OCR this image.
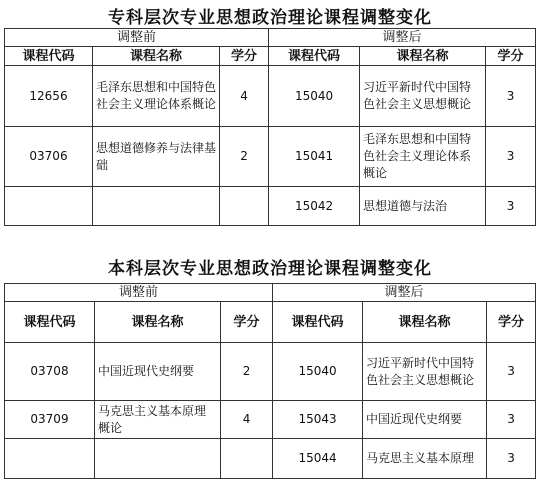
专科层次专业思想政治理论课程调整变化
调整前			调整后		
课程代码	课程名称	学分	课程代码	课程名称	学分
12656	毛泽东思想和中国特色社会主义理论体系概论	4	15040	习近平新时代中国特色社会主义思想概论	3
03706	思想道德修养与法律基础	2	15041	毛泽东思想和中国特色社会主义理论体系概论	3
			15042	思想道德与法治	3
本科层次专业思想政治理论课程调整变化
调整前			调整后		
课程代码	课程名称	学分	课程代码	课程名称	学分
03708	中国近现代史纲要	2	15040	习近平新时代中国特色社会主义思想概论	3
03709	马克思主义基本原理概论	4	15043	中国近现代史纲要	3
			15044	马克思主义基本原理	3
